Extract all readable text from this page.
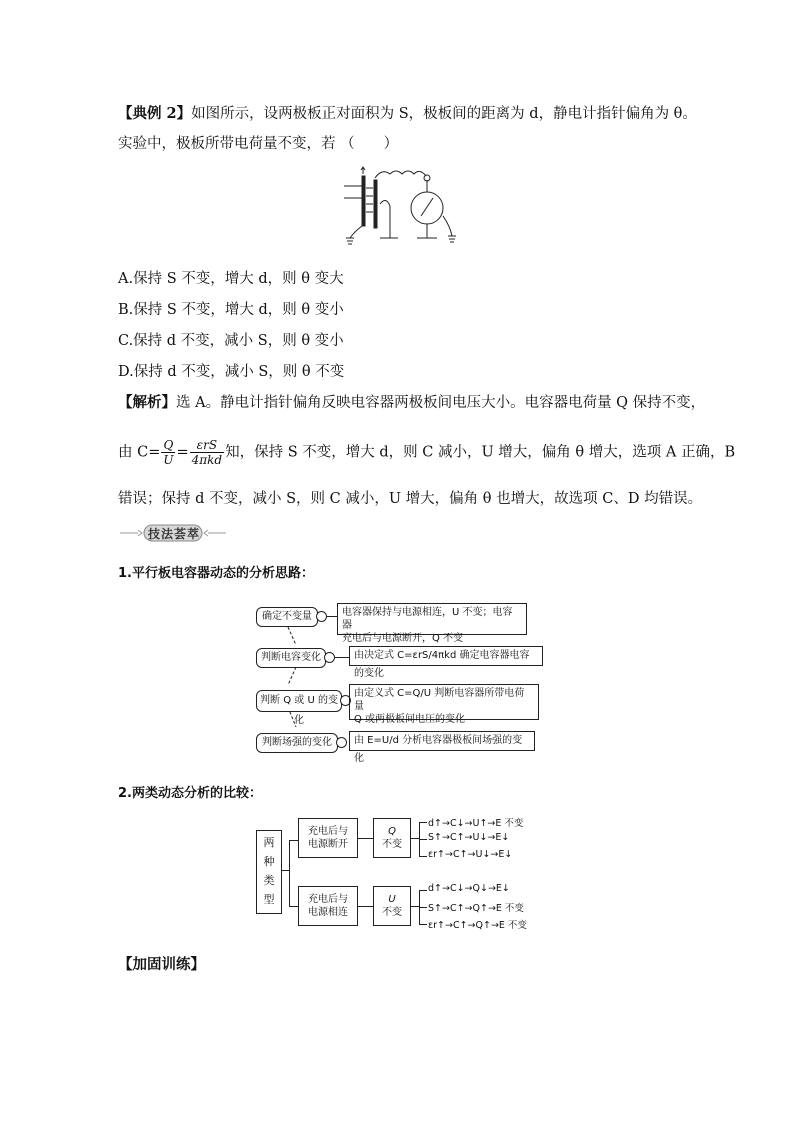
【典例 2】如图所示，设两极板正对面积为 S，极板间的距离为 d，静电计指针偏角为 θ。
实验中，极板所带电荷量不变，若 （　　）
A.保持 S 不变，增大 d，则 θ 变大
B.保持 S 不变，增大 d，则 θ 变小
C.保持 d 不变，减小 S，则 θ 变小
D.保持 d 不变，减小 S，则 θ 不变
【解析】选 A。静电计指针偏角反映电容器两极板间电压大小。电容器电荷量 Q 保持不变，
由 $C= \frac{Q}{U} = \frac{\text{εrS}}{\text{4πkd}}$ 知，保持 S 不变，增大 d，则 C 减小，U 增大，偏角 θ 增大，选项 A 正确，B
错误；保持 d 不变，减小 S，则 C 减小，U 增大，偏角 θ 也增大，故选项 C、D 均错误。
技法荟萃
1.平行板电容器动态的分析思路：
确定不变量	电容器保持与电源相连，U 不变；电容器
充电后与电源断开，Q 不变
判断电容变化	由决定式 C=εrS/4πkd 确定电容器电容的变化
判断 Q 或 U 的变化
由定义式 C=Q/U 判断电容器所带电荷量
Q 或两极板间电压的变化
判断场强的变化	由 E=U/d 分析电容器极板间场强的变化
2.两类动态分析的比较：
两
种
类
型
充电后与
电源断开
Q
不变
d↑→C↓→U↑→E 不变
S↑→C↑→U↓→E↓
εr↑→C↑→U↓→E↓
充电后与
电源相连
U
不变
d↑→C↓→Q↓→E↓
S↑→C↑→Q↑→E 不变
εr↑→C↑→Q↑→E 不变
【加固训练】
